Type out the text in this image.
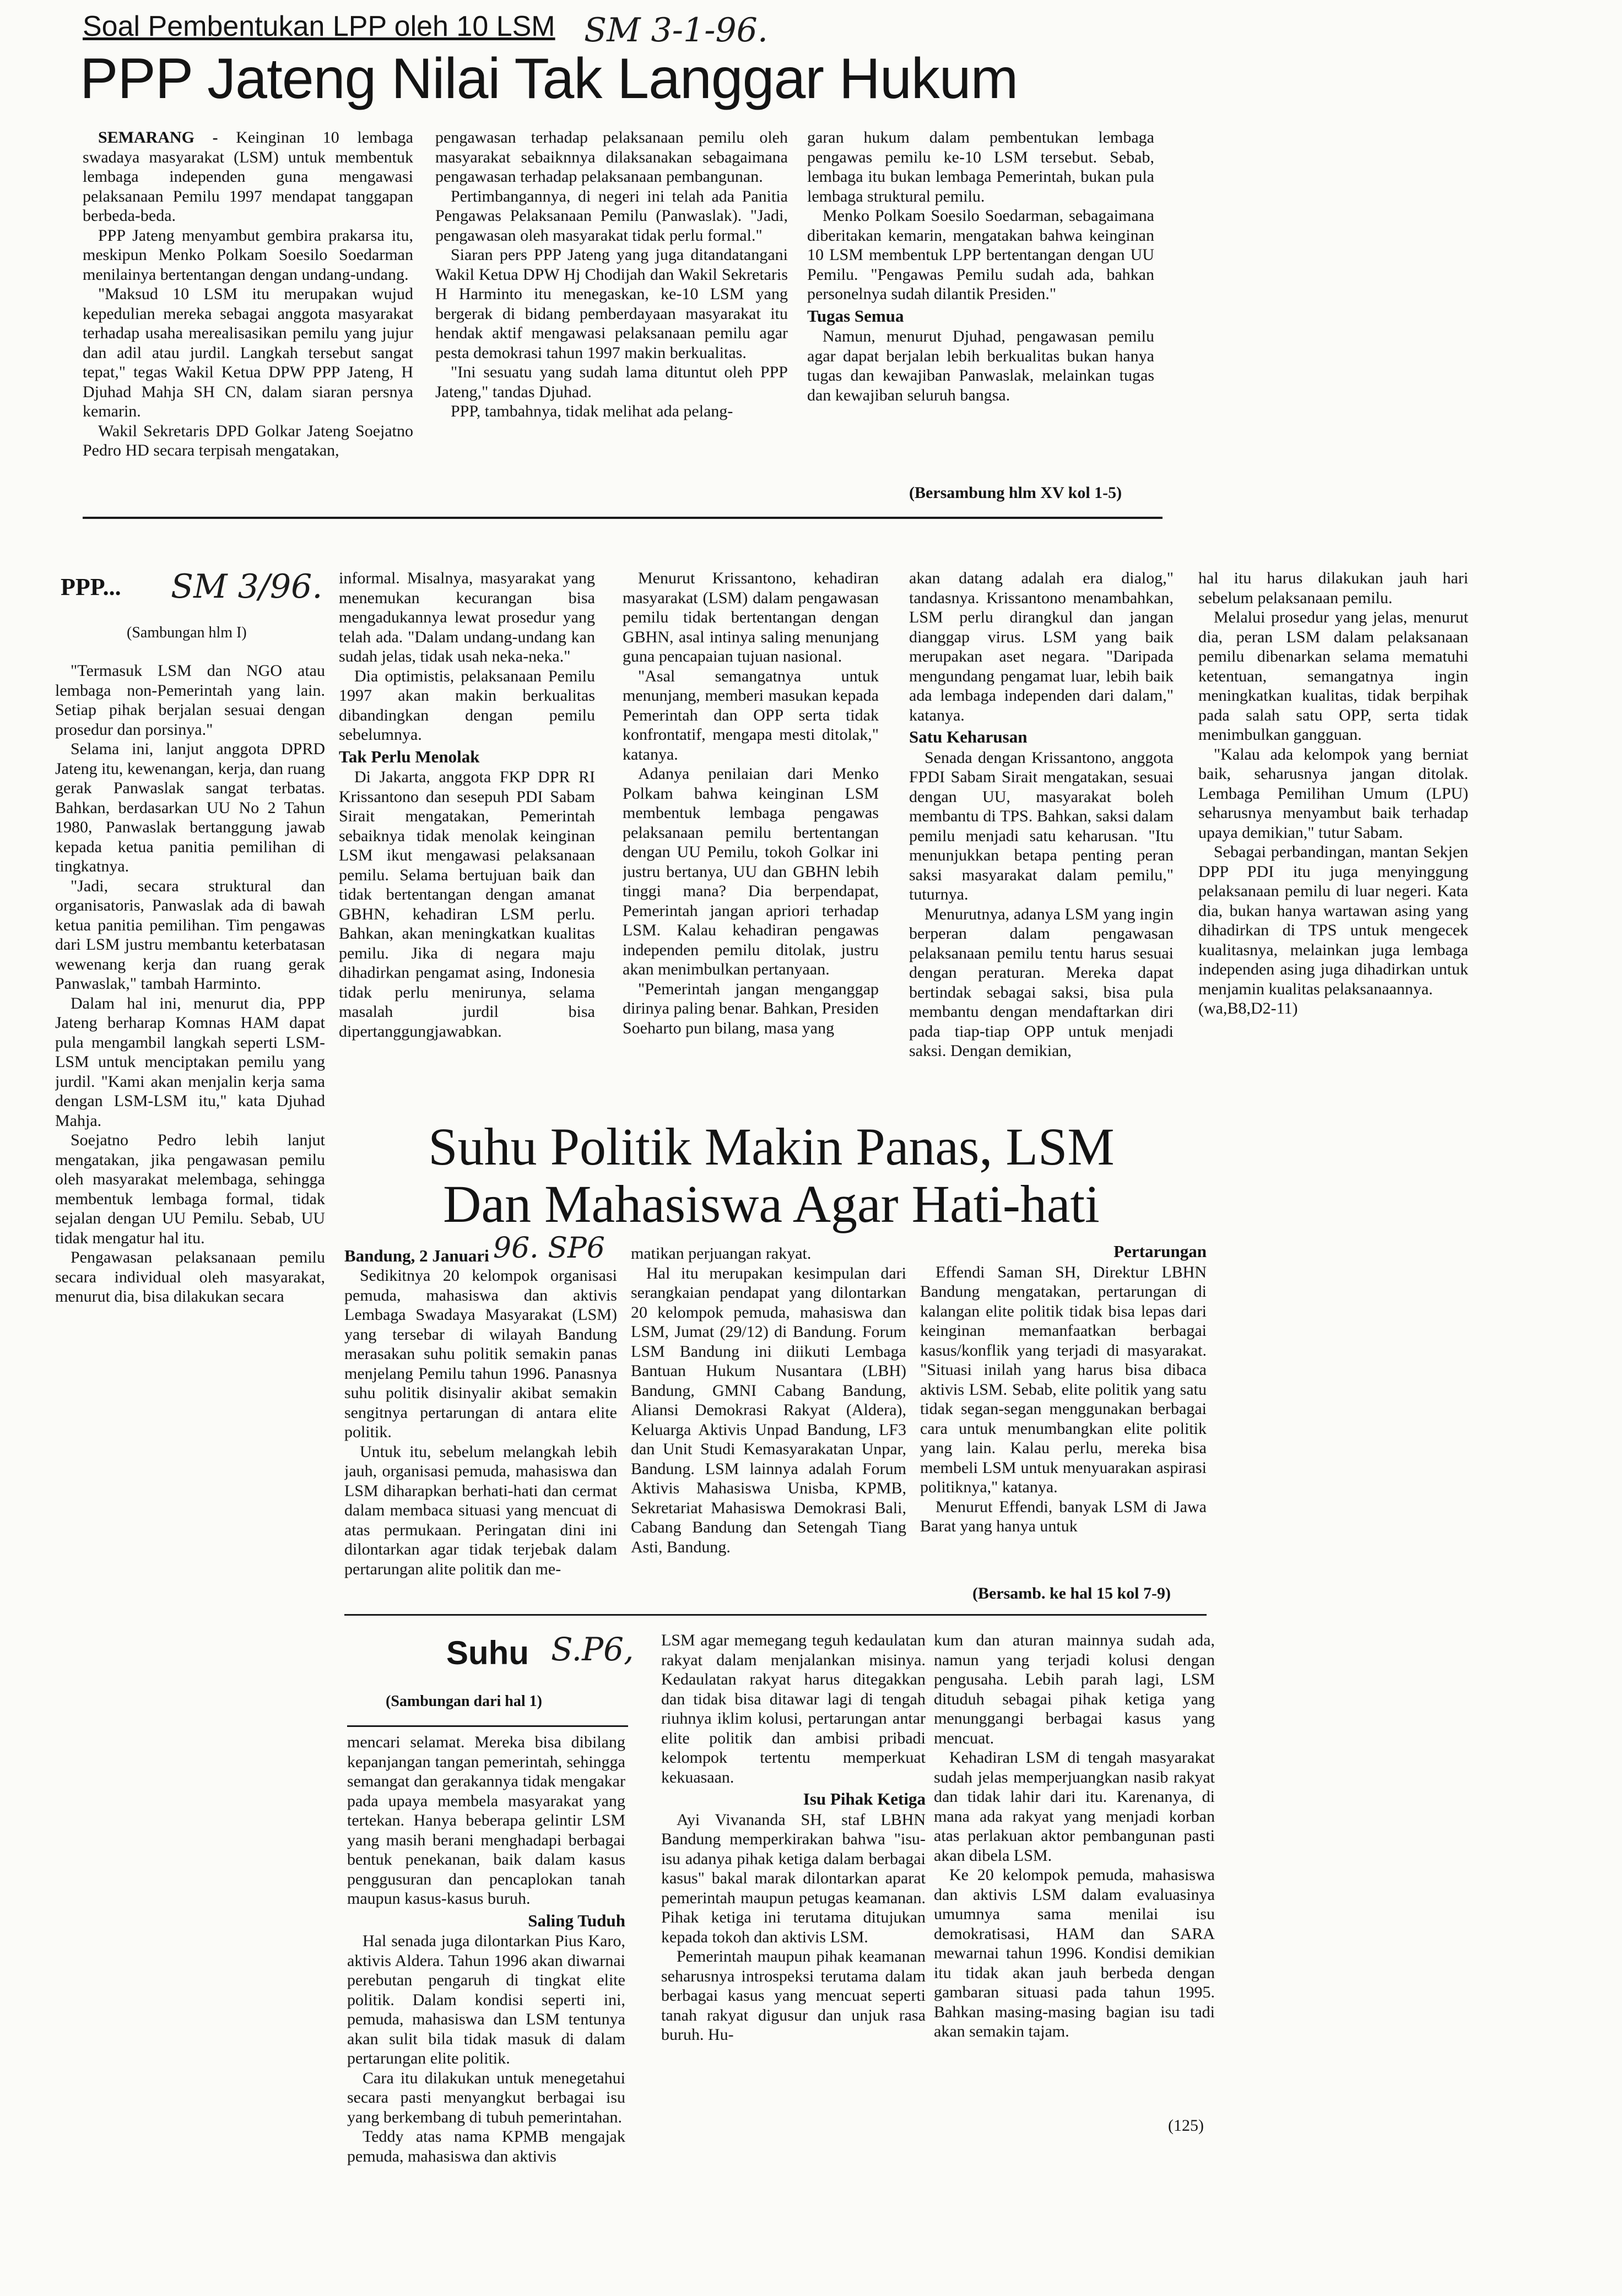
Soal Pembentukan LPP oleh 10 LSM SM 3-1-96.
PPP Jateng Nilai Tak Langgar Hukum

SEMARANG - Keinginan 10 lembaga swadaya masyarakat (LSM) untuk membentuk lembaga independen guna mengawasi pelaksanaan Pemilu 1997 mendapat tanggapan berbeda-beda.

PPP Jateng menyambut gembira prakarsa itu, meskipun Menko Polkam Soesilo Soedarman menilainya bertentangan dengan undang-undang.

"Maksud 10 LSM itu merupakan wujud kepedulian mereka sebagai anggota masyarakat terhadap usaha merealisasikan pemilu yang jujur dan adil atau jurdil. Langkah tersebut sangat tepat," tegas Wakil Ketua DPW PPP Jateng, H Djuhad Mahja SH CN, dalam siaran persnya kemarin.

Wakil Sekretaris DPD Golkar Jateng Soejatno Pedro HD secara terpisah mengatakan,

pengawasan terhadap pelaksanaan pemilu oleh masyarakat sebaiknnya dilaksanakan sebagaimana pengawasan terhadap pelaksanaan pembangunan.

Pertimbangannya, di negeri ini telah ada Panitia Pengawas Pelaksanaan Pemilu (Panwaslak). "Jadi, pengawasan oleh masyarakat tidak perlu formal."

Siaran pers PPP Jateng yang juga ditandatangani Wakil Ketua DPW Hj Chodijah dan Wakil Sekretaris H Harminto itu menegaskan, ke-10 LSM yang bergerak di bidang pemberdayaan masyarakat itu hendak aktif mengawasi pelaksanaan pemilu agar pesta demokrasi tahun 1997 makin berkualitas.

"Ini sesuatu yang sudah lama dituntut oleh PPP Jateng," tandas Djuhad.

PPP, tambahnya, tidak melihat ada pelang-

garan hukum dalam pembentukan lembaga pengawas pemilu ke-10 LSM tersebut. Sebab, lembaga itu bukan lembaga Pemerintah, bukan pula lembaga struktural pemilu.

Menko Polkam Soesilo Soedarman, sebagaimana diberitakan kemarin, mengatakan bahwa keinginan 10 LSM membentuk LPP bertentangan dengan UU Pemilu. "Pengawas Pemilu sudah ada, bahkan personelnya sudah dilantik Presiden."

Tugas Semua

Namun, menurut Djuhad, pengawasan pemilu agar dapat berjalan lebih berkualitas bukan hanya tugas dan kewajiban Panwaslak, melainkan tugas dan kewajiban seluruh bangsa.

(Bersambung hlm XV kol 1-5)
PPP... SM 3/96.
(Sambungan hlm I)

"Termasuk LSM dan NGO atau lembaga non-Pemerintah yang lain. Setiap pihak berjalan sesuai dengan prosedur dan porsinya."

Selama ini, lanjut anggota DPRD Jateng itu, kewenangan, kerja, dan ruang gerak Panwaslak sangat terbatas. Bahkan, berdasarkan UU No 2 Tahun 1980, Panwaslak bertanggung jawab kepada ketua panitia pemilihan di tingkatnya.

"Jadi, secara struktural dan organisatoris, Panwaslak ada di bawah ketua panitia pemilihan. Tim pengawas dari LSM justru membantu keterbatasan wewenang kerja dan ruang gerak Panwaslak," tambah Harminto.

Dalam hal ini, menurut dia, PPP Jateng berharap Komnas HAM dapat pula mengambil langkah seperti LSM-LSM untuk menciptakan pemilu yang jurdil. "Kami akan menjalin kerja sama dengan LSM-LSM itu," kata Djuhad Mahja.

Soejatno Pedro lebih lanjut mengatakan, jika pengawasan pemilu oleh masyarakat melembaga, sehingga membentuk lembaga formal, tidak sejalan dengan UU Pemilu. Sebab, UU tidak mengatur hal itu.

Pengawasan pelaksanaan pemilu secara individual oleh masyarakat, menurut dia, bisa dilakukan secara

informal. Misalnya, masyarakat yang menemukan kecurangan bisa mengadukannya lewat prosedur yang telah ada. "Dalam undang-undang kan sudah jelas, tidak usah neka-neka."

Dia optimistis, pelaksanaan Pemilu 1997 akan makin berkualitas dibandingkan dengan pemilu sebelumnya.

Tak Perlu Menolak

Di Jakarta, anggota FKP DPR RI Krissantono dan sesepuh PDI Sabam Sirait mengatakan, Pemerintah sebaiknya tidak menolak keinginan LSM ikut mengawasi pelaksanaan pemilu. Selama bertujuan baik dan tidak bertentangan dengan amanat GBHN, kehadiran LSM perlu. Bahkan, akan meningkatkan kualitas pemilu. Jika di negara maju dihadirkan pengamat asing, Indonesia tidak perlu menirunya, selama masalah jurdil bisa dipertanggungjawabkan.

Menurut Krissantono, kehadiran masyarakat (LSM) dalam pengawasan pemilu tidak bertentangan dengan GBHN, asal intinya saling menunjang guna pencapaian tujuan nasional.

"Asal semangatnya untuk menunjang, memberi masukan kepada Pemerintah dan OPP serta tidak konfrontatif, mengapa mesti ditolak," katanya.

Adanya penilaian dari Menko Polkam bahwa keinginan LSM membentuk lembaga pengawas pelaksanaan pemilu bertentangan dengan UU Pemilu, tokoh Golkar ini justru bertanya, UU dan GBHN lebih tinggi mana? Dia berpendapat, Pemerintah jangan apriori terhadap LSM. Kalau kehadiran pengawas independen pemilu ditolak, justru akan menimbulkan pertanyaan.

"Pemerintah jangan menganggap dirinya paling benar. Bahkan, Presiden Soeharto pun bilang, masa yang

akan datang adalah era dialog," tandasnya. Krissantono menambahkan, LSM perlu dirangkul dan jangan dianggap virus. LSM yang baik merupakan aset negara. "Daripada mengundang pengamat luar, lebih baik ada lembaga independen dari dalam," katanya.

Satu Keharusan

Senada dengan Krissantono, anggota FPDI Sabam Sirait mengatakan, sesuai dengan UU, masyarakat boleh membantu di TPS. Bahkan, saksi dalam pemilu menjadi satu keharusan. "Itu menunjukkan betapa penting peran saksi masyarakat dalam pemilu," tuturnya.

Menurutnya, adanya LSM yang ingin berperan dalam pengawasan pelaksanaan pemilu tentu harus sesuai dengan peraturan. Mereka dapat bertindak sebagai saksi, bisa pula membantu dengan mendaftarkan diri pada tiap-tiap OPP untuk menjadi saksi. Dengan demikian,

hal itu harus dilakukan jauh hari sebelum pelaksanaan pemilu.

Melalui prosedur yang jelas, menurut dia, peran LSM dalam pelaksanaan pemilu dibenarkan selama mematuhi ketentuan, semangatnya ingin meningkatkan kualitas, tidak berpihak pada salah satu OPP, serta tidak menimbulkan gangguan.

"Kalau ada kelompok yang berniat baik, seharusnya jangan ditolak. Lembaga Pemilihan Umum (LPU) seharusnya menyambut baik terhadap upaya demikian," tutur Sabam.

Sebagai perbandingan, mantan Sekjen DPP PDI itu juga menyinggung pelaksanaan pemilu di luar negeri. Kata dia, bukan hanya wartawan asing yang dihadirkan di TPS untuk mengecek kualitasnya, melainkan juga lembaga independen asing juga dihadirkan untuk menjamin kualitas pelaksanaannya.

(wa,B8,D2-11)

Suhu Politik Makin Panas, LSM
Dan Mahasiswa Agar Hati-hati
Bandung, 2 Januari 96. SP6

Sedikitnya 20 kelompok organisasi pemuda, mahasiswa dan aktivis Lembaga Swadaya Masyarakat (LSM) yang tersebar di wilayah Bandung merasakan suhu politik semakin panas menjelang Pemilu tahun 1996. Panasnya suhu politik disinyalir akibat semakin sengitnya pertarungan di antara elite politik.

Untuk itu, sebelum melangkah lebih jauh, organisasi pemuda, mahasiswa dan LSM diharapkan berhati-hati dan cermat dalam membaca situasi yang mencuat di atas permukaan. Peringatan dini ini dilontarkan agar tidak terjebak dalam pertarungan alite politik dan me-

matikan perjuangan rakyat.

Hal itu merupakan kesimpulan dari serangkaian pendapat yang dilontarkan 20 kelompok pemuda, mahasiswa dan LSM, Jumat (29/12) di Bandung. Forum LSM Bandung ini diikuti Lembaga Bantuan Hukum Nusantara (LBH) Bandung, GMNI Cabang Bandung, Aliansi Demokrasi Rakyat (Aldera), Keluarga Aktivis Unpad Bandung, LF3 dan Unit Studi Kemasyarakatan Unpar, Bandung. LSM lainnya adalah Forum Aktivis Mahasiswa Unisba, KPMB, Sekretariat Mahasiswa Demokrasi Bali, Cabang Bandung dan Setengah Tiang Asti, Bandung.

Pertarungan

Effendi Saman SH, Direktur LBHN Bandung mengatakan, pertarungan di kalangan elite politik tidak bisa lepas dari keinginan memanfaatkan berbagai kasus/konflik yang terjadi di masyarakat. "Situasi inilah yang harus bisa dibaca aktivis LSM. Sebab, elite politik yang satu tidak segan-segan menggunakan berbagai cara untuk menumbangkan elite politik yang lain. Kalau perlu, mereka bisa membeli LSM untuk menyuarakan aspirasi politiknya," katanya.

Menurut Effendi, banyak LSM di Jawa Barat yang hanya untuk

(Bersamb. ke hal 15 kol 7-9)
Suhu S.P6,
(Sambungan dari hal 1)

mencari selamat. Mereka bisa dibilang kepanjangan tangan pemerintah, sehingga semangat dan gerakannya tidak mengakar pada upaya membela masyarakat yang tertekan. Hanya beberapa gelintir LSM yang masih berani menghadapi berbagai bentuk penekanan, baik dalam kasus penggusuran dan pencaplokan tanah maupun kasus-kasus buruh.

Saling Tuduh

Hal senada juga dilontarkan Pius Karo, aktivis Aldera. Tahun 1996 akan diwarnai perebutan pengaruh di tingkat elite politik. Dalam kondisi seperti ini, pemuda, mahasiswa dan LSM tentunya akan sulit bila tidak masuk di dalam pertarungan elite politik.

Cara itu dilakukan untuk menegetahui secara pasti menyangkut berbagai isu yang berkembang di tubuh pemerintahan.

Teddy atas nama KPMB mengajak pemuda, mahasiswa dan aktivis

LSM agar memegang teguh kedaulatan rakyat dalam menjalankan misinya. Kedaulatan rakyat harus ditegakkan dan tidak bisa ditawar lagi di tengah riuhnya iklim kolusi, pertarungan antar elite politik dan ambisi pribadi kelompok tertentu memperkuat kekuasaan.

Isu Pihak Ketiga

Ayi Vivananda SH, staf LBHN Bandung memperkirakan bahwa "isu-isu adanya pihak ketiga dalam berbagai kasus" bakal marak dilontarkan aparat pemerintah maupun petugas keamanan. Pihak ketiga ini terutama ditujukan kepada tokoh dan aktivis LSM.

Pemerintah maupun pihak keamanan seharusnya introspeksi terutama dalam berbagai kasus yang mencuat seperti tanah rakyat digusur dan unjuk rasa buruh. Hu-

kum dan aturan mainnya sudah ada, namun yang terjadi kolusi dengan pengusaha. Lebih parah lagi, LSM dituduh sebagai pihak ketiga yang menunggangi berbagai kasus yang mencuat.

Kehadiran LSM di tengah masyarakat sudah jelas memperjuangkan nasib rakyat dan tidak lahir dari itu. Karenanya, di mana ada rakyat yang menjadi korban atas perlakuan aktor pembangunan pasti akan dibela LSM.

Ke 20 kelompok pemuda, mahasiswa dan aktivis LSM dalam evaluasinya umumnya sama menilai isu demokratisasi, HAM dan SARA mewarnai tahun 1996. Kondisi demikian itu tidak akan jauh berbeda dengan gambaran situasi pada tahun 1995. Bahkan masing-masing bagian isu tadi akan semakin tajam.

(125)
